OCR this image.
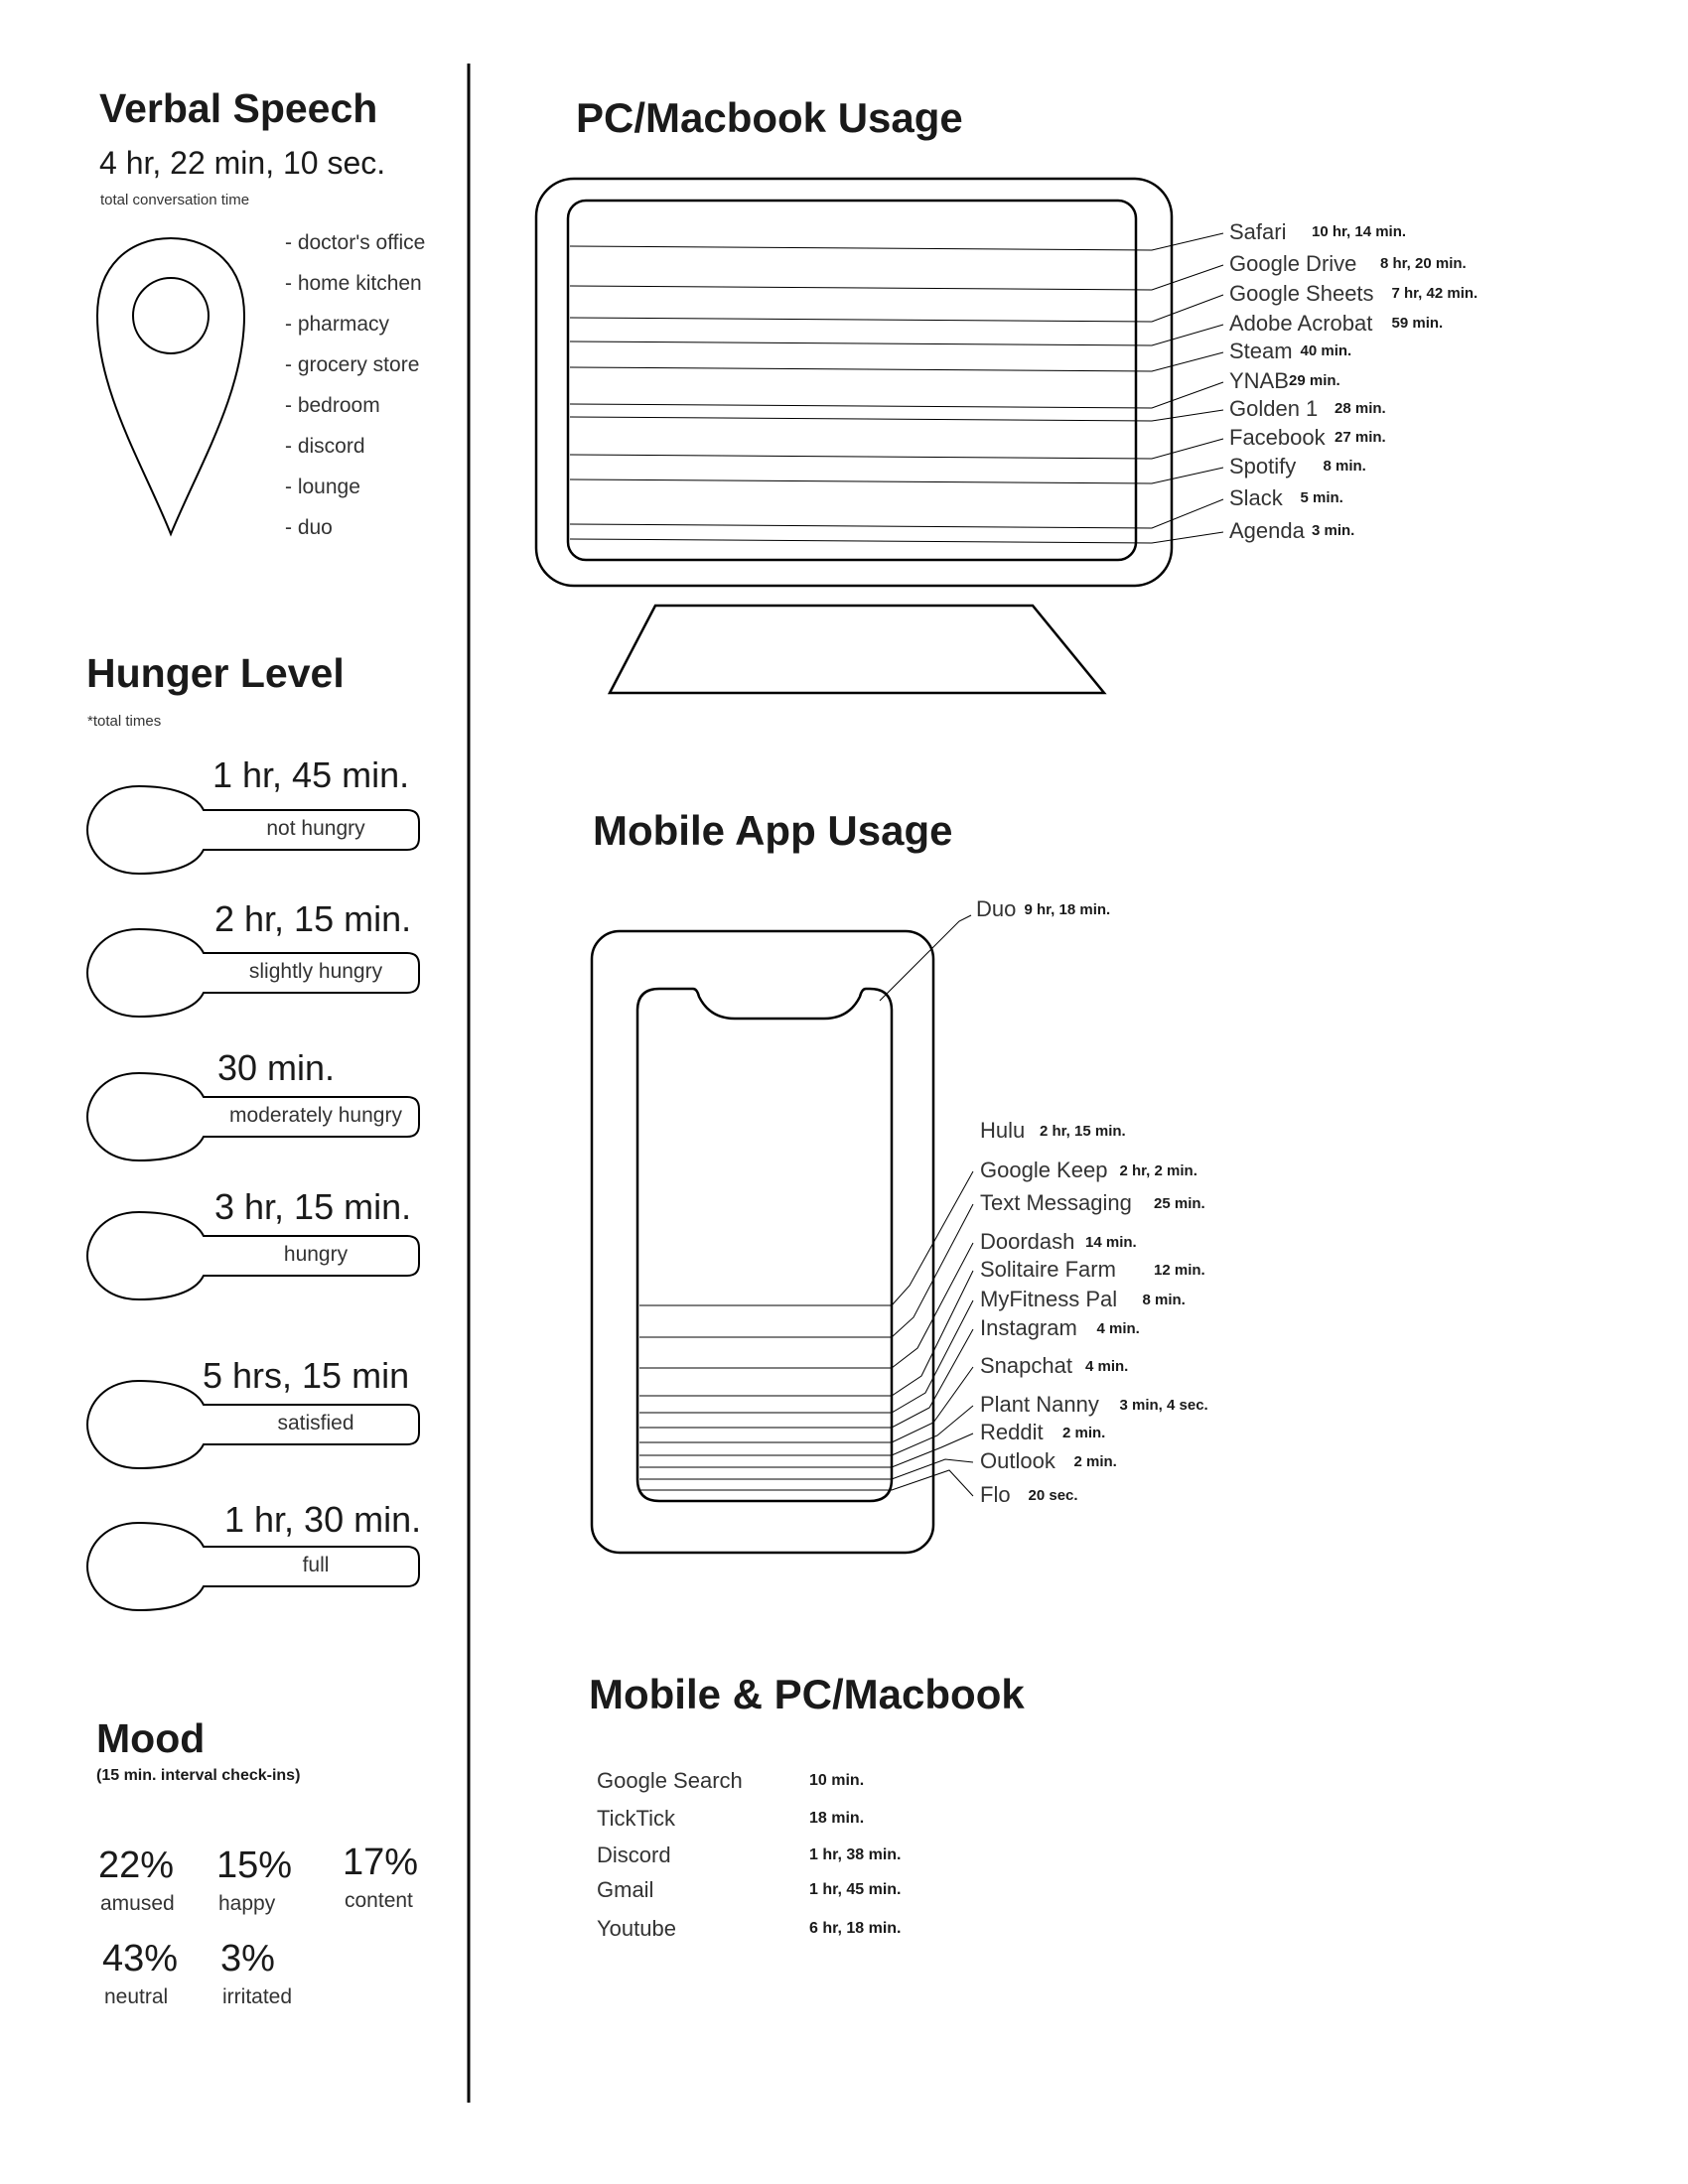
Verbal Speech
4 hr, 22 min, 10 sec.
total conversation time
- doctor's office
- home kitchen
- pharmacy
- grocery store
- bedroom
- discord
- lounge
- duo
Hunger Level
*total times
1 hr, 45 min.
not hungry
2 hr, 15 min.
slightly hungry
30 min.
moderately hungry
3 hr, 15 min.
hungry
5 hrs, 15 min
satisfied
1 hr, 30 min.
full
Mood
(15 min. interval check-ins)
22%
amused
15%
happy
17%
content
43%
neutral
3%
irritated
PC/Macbook Usage
Safari 10 hr, 14 min.
Google Drive 8 hr, 20 min.
Google Sheets 7 hr, 42 min.
Adobe Acrobat 59 min.
Steam 40 min.
YNAB 29 min.
Golden 1 28 min.
Facebook 27 min.
Spotify 8 min.
Slack 5 min.
Agenda 3 min.
Mobile App Usage
Duo 9 hr, 18 min.
Hulu 2 hr, 15 min.
Google Keep 2 hr, 2 min.
Text Messaging 25 min.
Doordash 14 min.
Solitaire Farm	12 min.
MyFitness Pal 8 min.
Instagram 4 min.
Snapchat 4 min.
Plant Nanny 3 min, 4 sec.
Reddit 2 min.
Outlook 2 min.
Flo 20 sec.
Mobile & PC/Macbook
Google Search	10 min.
TickTick	18 min.
Discord	1 hr, 38 min.
Gmail	1 hr, 45 min.
Youtube	6 hr, 18 min.
